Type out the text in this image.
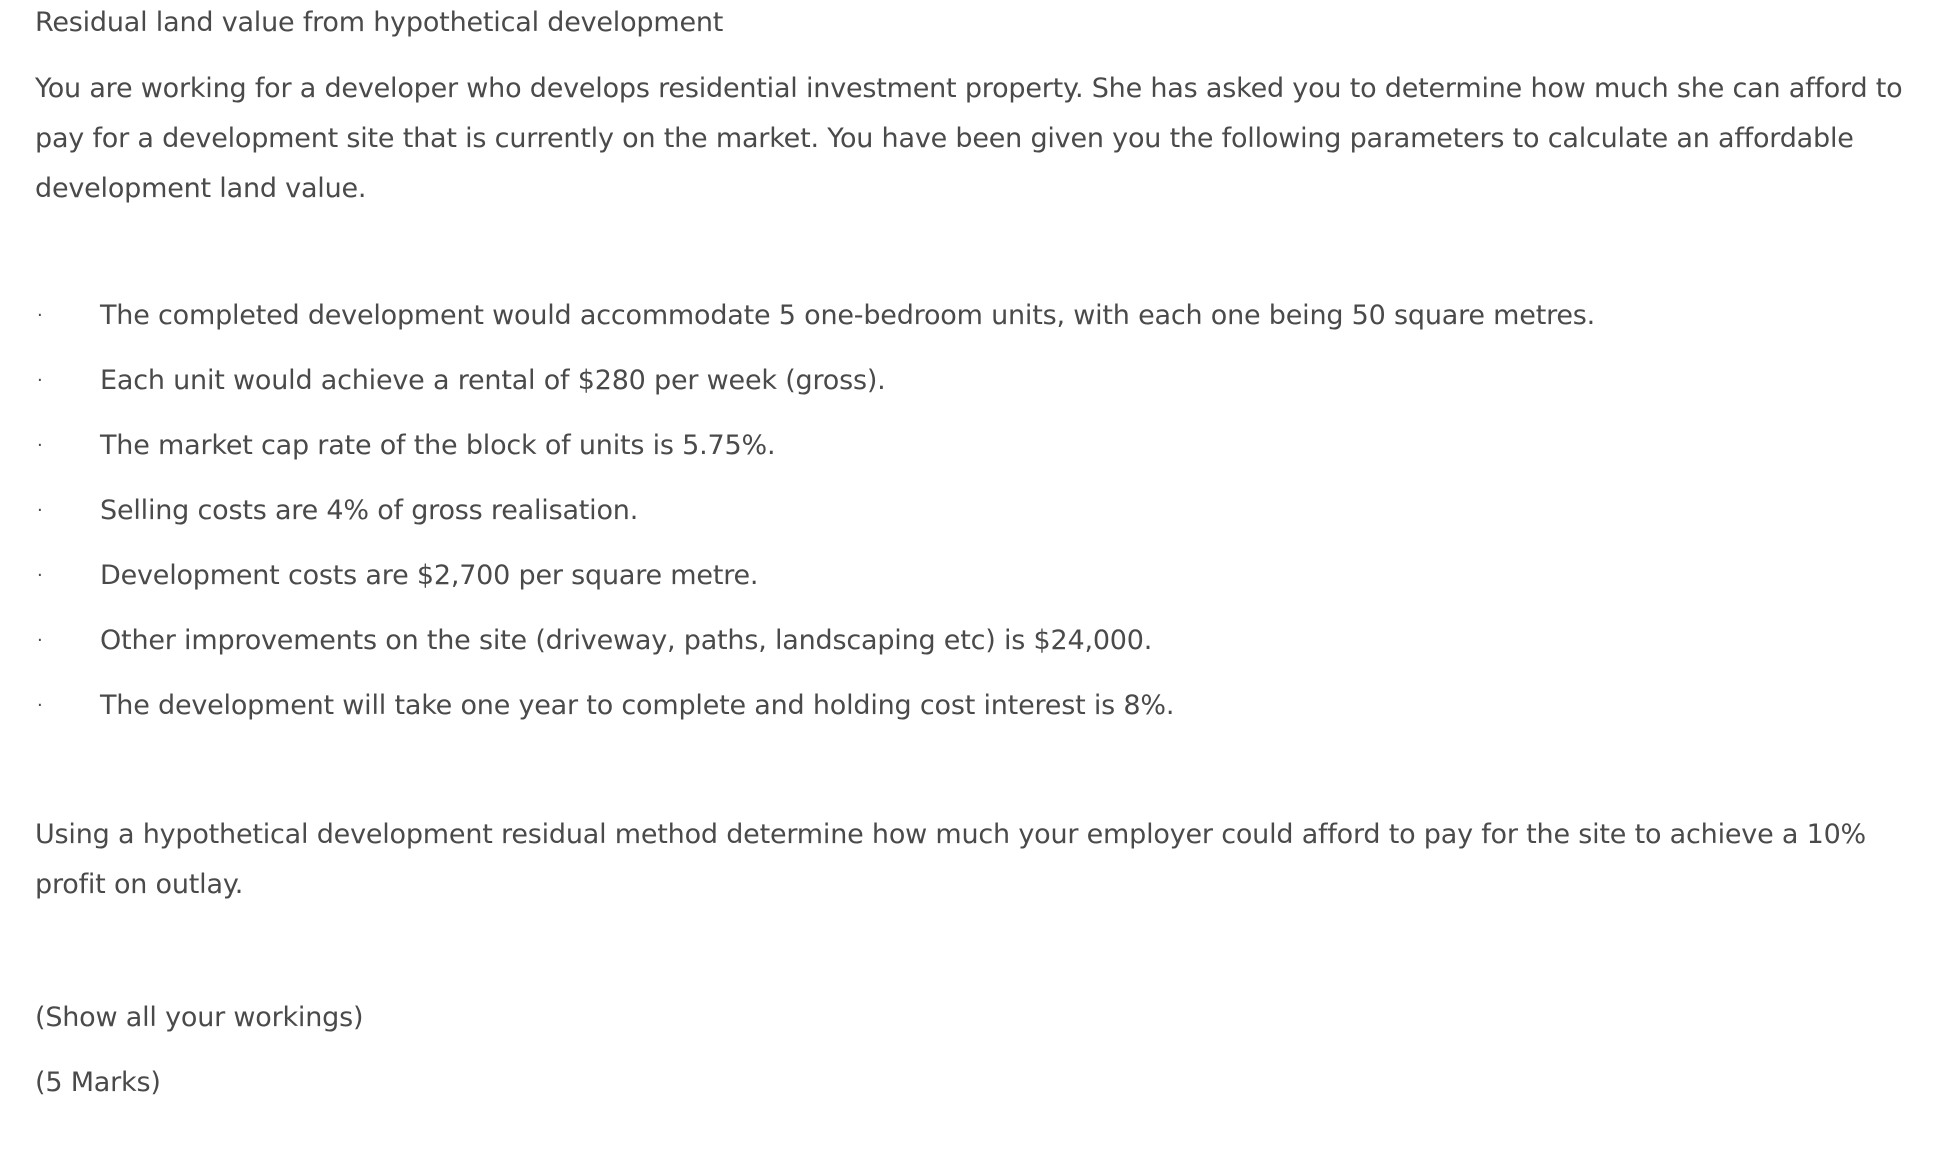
Residual land value from hypothetical development
You are working for a developer who develops residential investment property. She has asked you to determine how much she can afford to pay for a development site that is currently on the market. You have been given you the following parameters to calculate an affordable development land value.
·	The completed development would accommodate 5 one-bedroom units, with each one being 50 square metres.
·	Each unit would achieve a rental of $280 per week (gross).
·	The market cap rate of the block of units is 5.75%.
·	Selling costs are 4% of gross realisation.
·	Development costs are $2,700 per square metre.
·	Other improvements on the site (driveway, paths, landscaping etc) is $24,000.
·	The development will take one year to complete and holding cost interest is 8%.
Using a hypothetical development residual method determine how much your employer could afford to pay for the site to achieve a 10% profit on outlay.
(Show all your workings)
(5 Marks)
